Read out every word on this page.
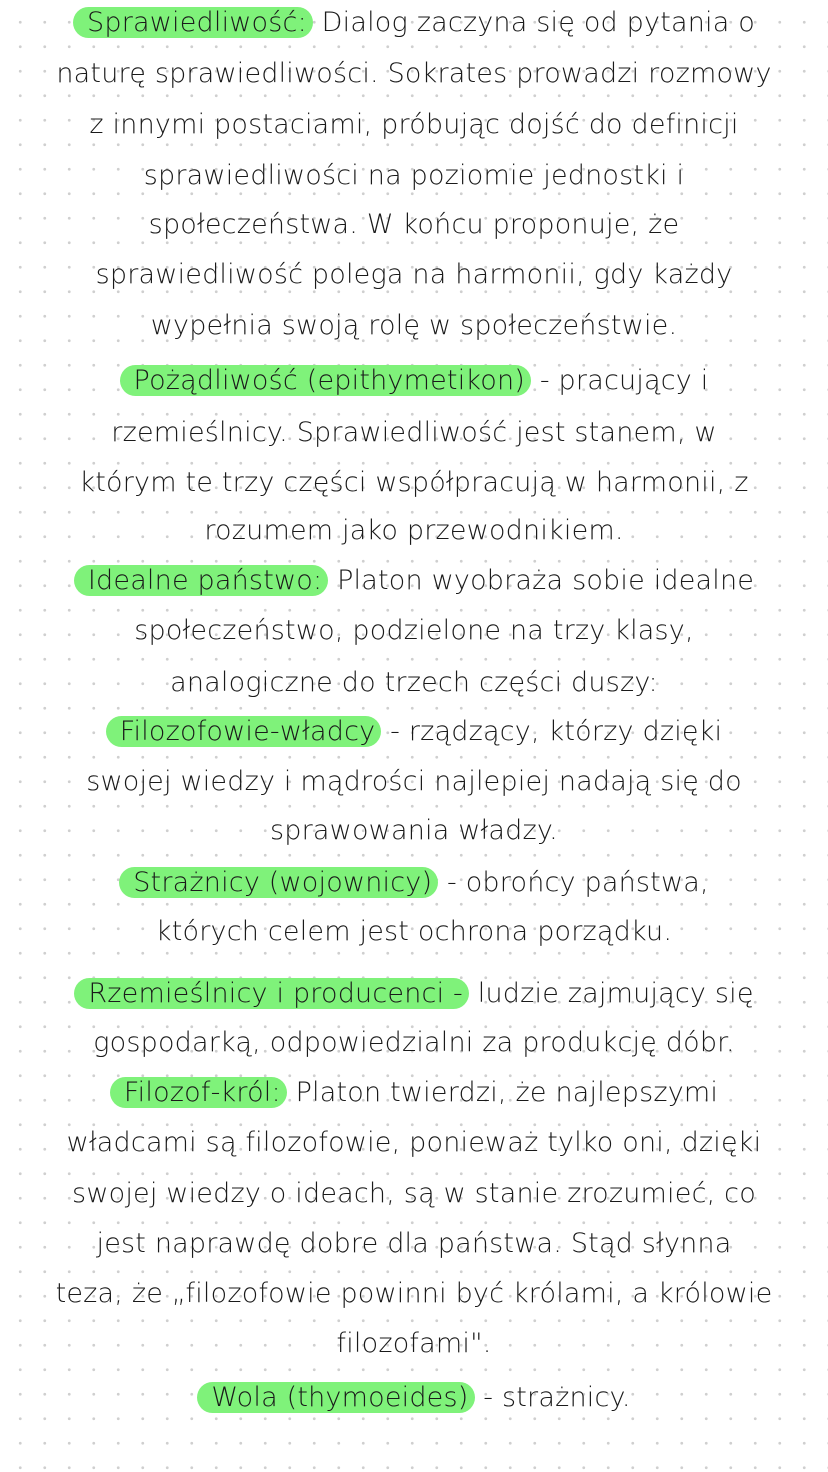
Sprawiedliwość: Dialog zaczyna się od pytania o
naturę sprawiedliwości. Sokrates prowadzi rozmowy
z innymi postaciami, próbując dojść do definicji
sprawiedliwości na poziomie jednostki i
społeczeństwa. W końcu proponuje, że
sprawiedliwość polega na harmonii, gdy każdy
wypełnia swoją rolę w społeczeństwie.
Pożądliwość (epithymetikon) - pracujący i
rzemieślnicy. Sprawiedliwość jest stanem, w
którym te trzy części współpracują w harmonii, z
rozumem jako przewodnikiem.
Idealne państwo: Platon wyobraża sobie idealne
społeczeństwo, podzielone na trzy klasy,
analogiczne do trzech części duszy:
Filozofowie-władcy - rządzący, którzy dzięki
swojej wiedzy i mądrości najlepiej nadają się do
sprawowania władzy.
Strażnicy (wojownicy) - obrońcy państwa,
których celem jest ochrona porządku.
Rzemieślnicy i producenci - ludzie zajmujący się
gospodarką, odpowiedzialni za produkcję dóbr.
Filozof-król: Platon twierdzi, że najlepszymi
władcami są filozofowie, ponieważ tylko oni, dzięki
swojej wiedzy o ideach, są w stanie zrozumieć, co
jest naprawdę dobre dla państwa. Stąd słynna
teza, że „filozofowie powinni być królami, a królowie
filozofami".
Wola (thymoeides) - strażnicy.
